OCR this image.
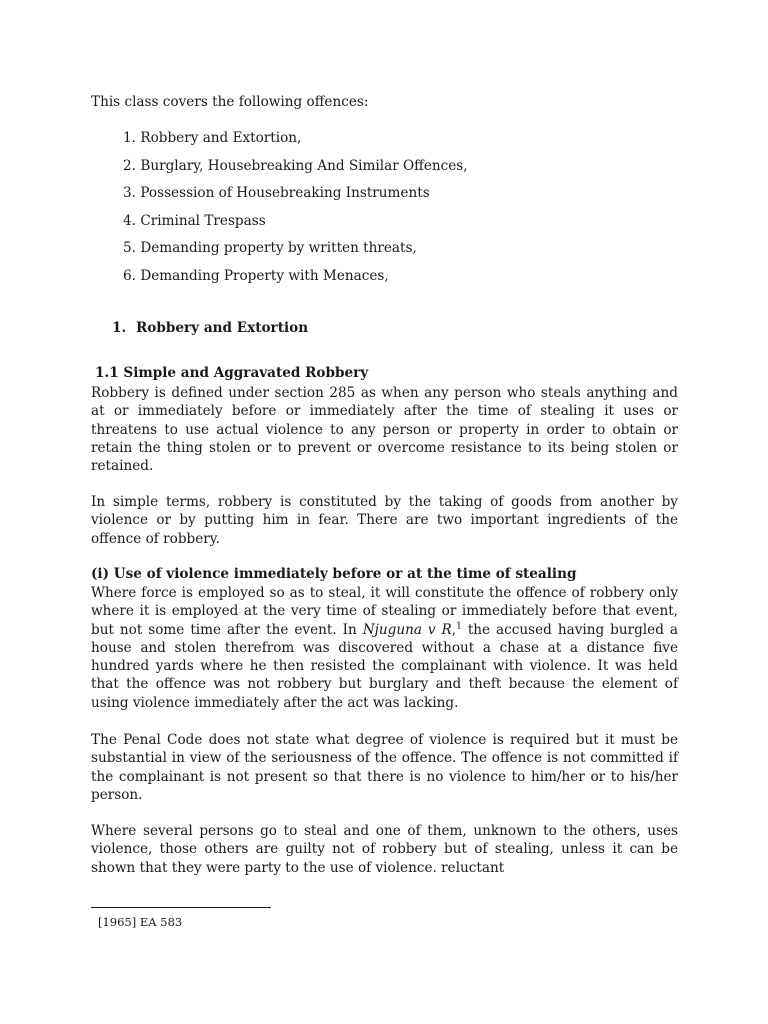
This class covers the following offences:
1. Robbery and Extortion,
2. Burglary, Housebreaking And Similar Offences,
3. Possession of Housebreaking Instruments
4. Criminal Trespass
5. Demanding property by written threats,
6. Demanding Property with Menaces,
1. Robbery and Extortion
1.1 Simple and Aggravated Robbery

Robbery is defined under section 285 as when any person who steals anything and at or immediately before or immediately after the time of stealing it uses or threatens to use actual violence to any person or property in order to obtain or retain the thing stolen or to prevent or overcome resistance to its being stolen or retained.

In simple terms, robbery is constituted by the taking of goods from another by violence or by putting him in fear. There are two important ingredients of the offence of robbery.

(i) Use of violence immediately before or at the time of stealing

Where force is employed so as to steal, it will constitute the offence of robbery only where it is employed at the very time of stealing or immediately before that event, but not some time after the event. In Njuguna v R,$^1$ the accused having burgled a house and stolen therefrom was discovered without a chase at a distance five hundred yards where he then resisted the complainant with violence. It was held that the offence was not robbery but burglary and theft because the element of using violence immediately after the act was lacking.

The Penal Code does not state what degree of violence is required but it must be substantial in view of the seriousness of the offence. The offence is not committed if the complainant is not present so that there is no violence to him/her or to his/her person.

Where several persons go to steal and one of them, unknown to the others, uses violence, those others are guilty not of robbery but of stealing, unless it can be shown that they were party to the use of violence. reluctant

[1965] EA 583
